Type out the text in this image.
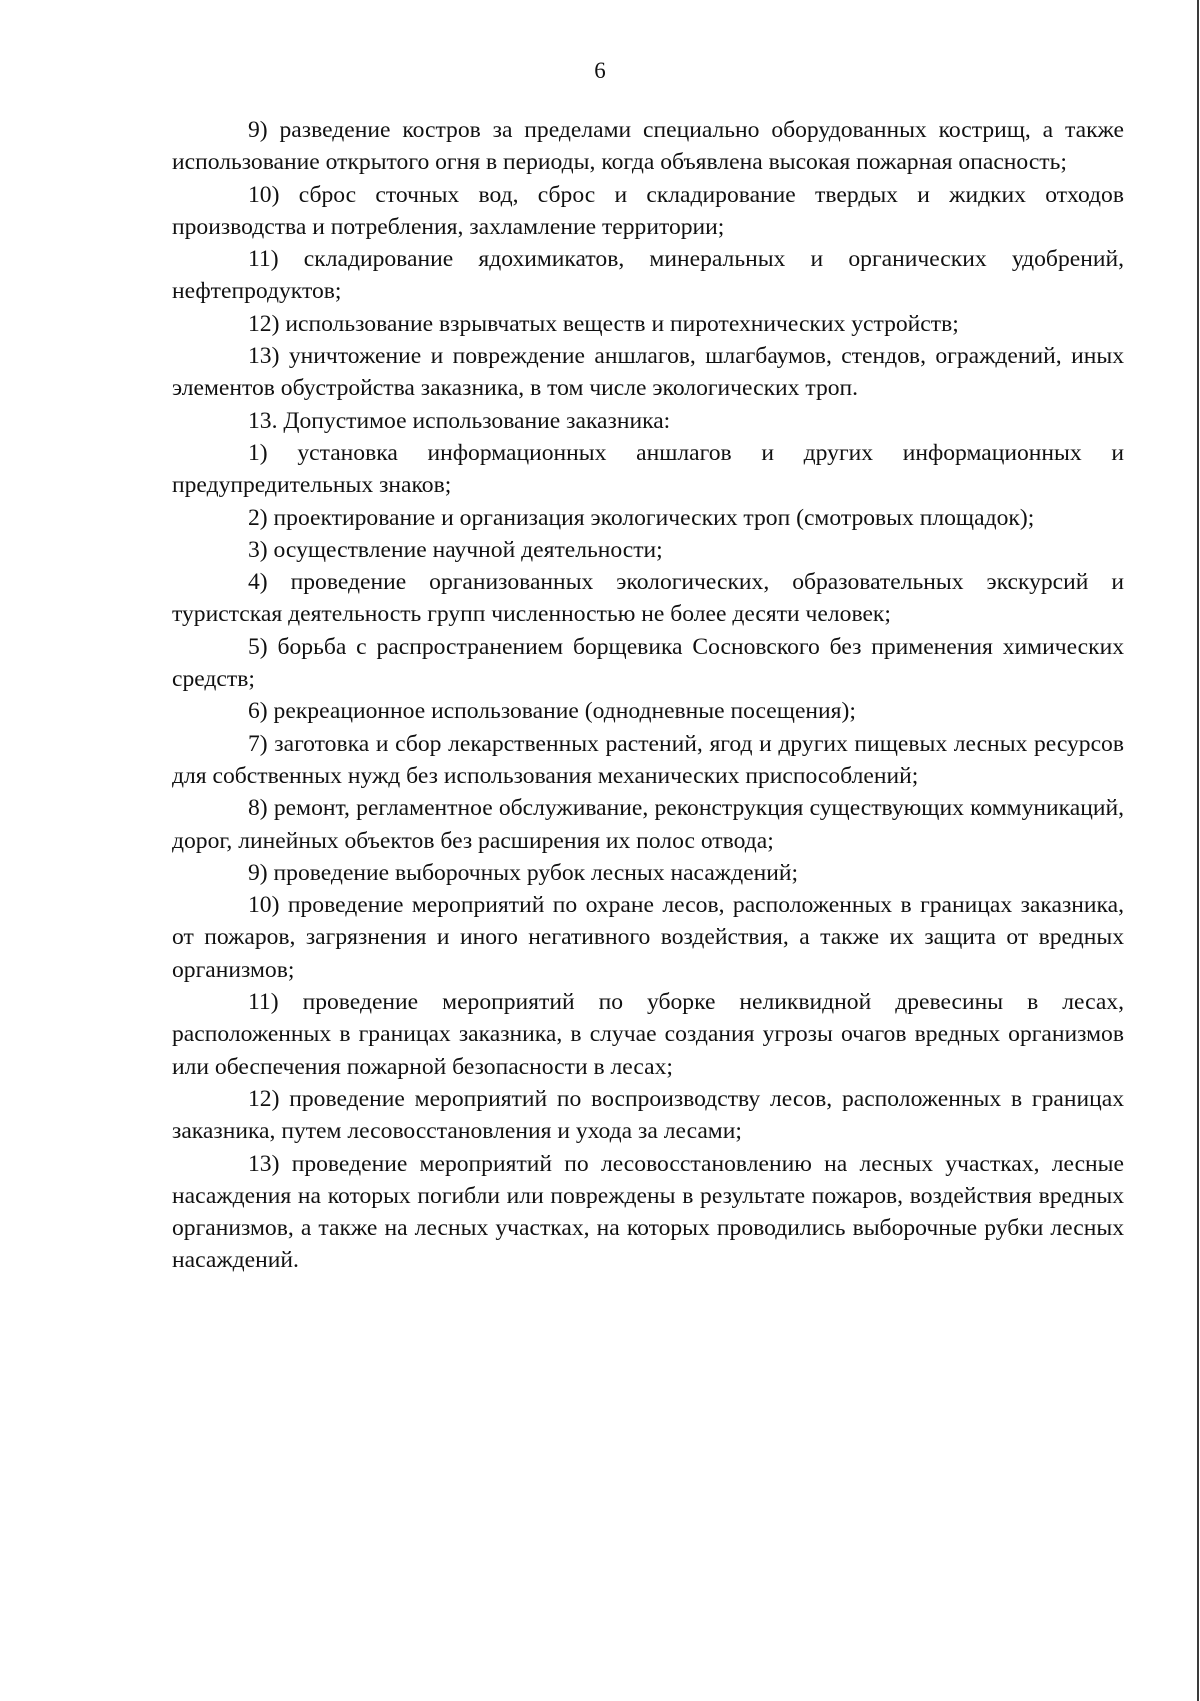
6

9) разведение костров за пределами специально оборудованных кострищ, а также использование открытого огня в периоды, когда объявлена высокая пожарная опасность;

10) сброс сточных вод, сброс и складирование твердых и жидких отходов производства и потребления, захламление территории;

11) складирование ядохимикатов, минеральных и органических удобрений, нефтепродуктов;

12) использование взрывчатых веществ и пиротехнических устройств;

13) уничтожение и повреждение аншлагов, шлагбаумов, стендов, ограждений, иных элементов обустройства заказника, в том числе экологических троп.

13. Допустимое использование заказника:

1) установка информационных аншлагов и других информационных и предупредительных знаков;

2) проектирование и организация экологических троп (смотровых площадок);

3) осуществление научной деятельности;

4) проведение организованных экологических, образовательных экскурсий и туристская деятельность групп численностью не более десяти человек;

5) борьба с распространением борщевика Сосновского без применения химических средств;

6) рекреационное использование (однодневные посещения);

7) заготовка и сбор лекарственных растений, ягод и других пищевых лесных ресурсов для собственных нужд без использования механических приспособлений;

8) ремонт, регламентное обслуживание, реконструкция существующих коммуникаций, дорог, линейных объектов без расширения их полос отвода;

9) проведение выборочных рубок лесных насаждений;

10) проведение мероприятий по охране лесов, расположенных в границах заказника, от пожаров, загрязнения и иного негативного воздействия, а также их защита от вредных организмов;

11) проведение мероприятий по уборке неликвидной древесины в лесах, расположенных в границах заказника, в случае создания угрозы очагов вредных организмов или обеспечения пожарной безопасности в лесах;

12) проведение мероприятий по воспроизводству лесов, расположенных в границах заказника, путем лесовосстановления и ухода за лесами;

13) проведение мероприятий по лесовосстановлению на лесных участках, лесные насаждения на которых погибли или повреждены в результате пожаров, воздействия вредных организмов, а также на лесных участках, на которых проводились выборочные рубки лесных насаждений.
